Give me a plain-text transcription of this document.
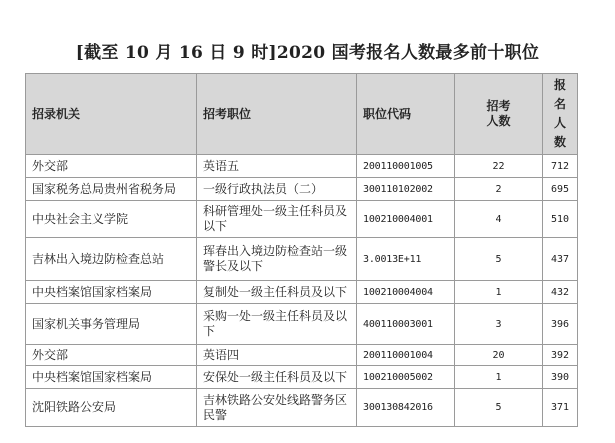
[截至 10 月 16 日 9 时]2020 国考报名人数最多前十职位
招录机关	招考职位	职位代码	招考人数	报名人数
外交部	英语五	200110001005	22	712
国家税务总局贵州省税务局	一级行政执法员（二）	300110102002	2	695
中央社会主义学院	科研管理处一级主任科员及以下	100210004001	4	510
吉林出入境边防检查总站	珲春出入境边防检查站一级警长及以下	3.0013E+11	5	437
中央档案馆国家档案局	复制处一级主任科员及以下	100210004004	1	432
国家机关事务管理局	采购一处一级主任科员及以下	400110003001	3	396
外交部	英语四	200110001004	20	392
中央档案馆国家档案局	安保处一级主任科员及以下	100210005002	1	390
沈阳铁路公安局	吉林铁路公安处线路警务区民警	300130842016	5	371
